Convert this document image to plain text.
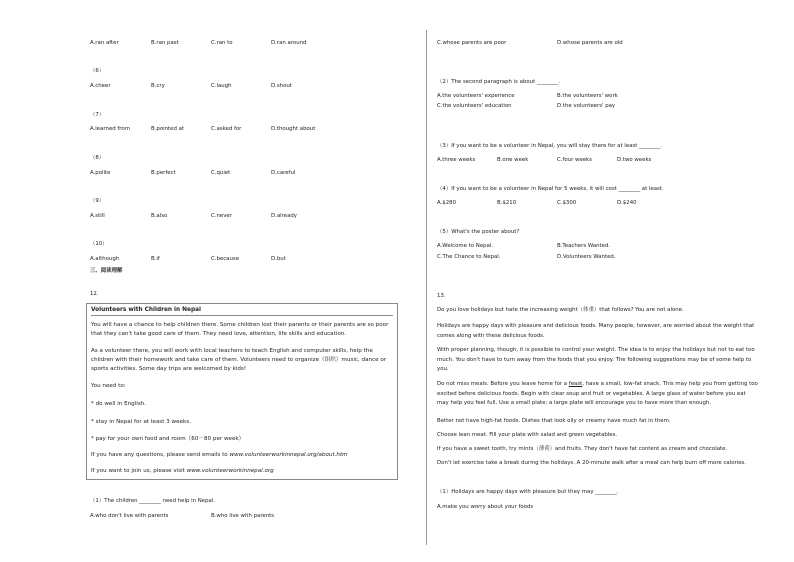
A.ran after	B.ran past	C.ran to	D.ran around
（6）
A.cheer	B.cry	C.laugh	D.shout
（7）
A.learned from	B.pointed at	C.asked for	D.thought about
（8）
A.polite	B.perfect	C.quiet	D.careful
（9）
A.still	B.also	C.never	D.already
（10）
A.although	B.if	C.because	D.but
三、阅读理解
12.
Volunteers with Children in Nepal
You will have a chance to help children there. Some children lost their parents or their parents are so poor that they can't take good care of them. They need love, attention, life skills and education.
As a volunteer there, you will work with local teachers to teach English and computer skills, help the children with their homework and take care of them. Volunteers need to organize（组织）music, dance or sports activities. Some day trips are welcomed by kids!
You need to:
* do well in English.
* stay in Nepal for at least 3 weeks.
* pay for your own food and room（60－80 per week）
If you have any questions, please send emails to www.volunteerworkinnepal.org/about.htm
If you want to join us, please visit www.volunteerworkinnepal.org
（1）The children ________ need help in Nepal.
A.who don't live with parents	B.who live with parents
C.whose parents are poor	D.whose parents are old
（2）The second paragraph is about ________.
A.the volunteers' experience	B.the volunteers' work
C.the volunteers' education	D.the volunteers' pay
（3）If you want to be a volunteer in Nepal, you will stay there for at least ________.
A.three weeks	B.one week	C.four weeks	D.two weeks
（4）If you want to be a volunteer in Nepal for 5 weeks, it will cost ________ at least.
A.$280	B.$210	C.$300	D.$240
（5）What's the poster about?
A.Welcome to Nepal.	B.Teachers Wanted.
C.The Chance to Nepal.	D.Volunteers Wanted.
13.
Do you love holidays but hate the increasing weight（体重）that follows? You are not alone.
Holidays are happy days with pleasure and delicious foods. Many people, however, are worried about the weight that comes along with these delicious foods.
With proper planning, though, it is possible to control your weight. The idea is to enjoy the holidays but not to eat too much. You don't have to turn away from the foods that you enjoy. The following suggestions may be of some help to you.
Do not miss meals. Before you leave home for a feast, have a small, low-fat snack. This may help you from getting too excited before delicious foods. Begin with clear soup and fruit or vegetables. A large glass of water before you eat may help you feel full. Use a small plate; a large plate will encourage you to have more than enough.
Better not have high-fat foods. Dishes that look oily or creamy have much fat in them.
Choose lean meat. Fill your plate with salad and green vegetables.
If you have a sweet tooth, try mints（薄荷）and fruits. They don't have fat content as cream and chocolate.
Don't let exercise take a break during the holidays. A 20-minute walk after a meal can help burn off more calories.
（1）Holidays are happy days with pleasure but they may ________.
A.make you worry about your foods
